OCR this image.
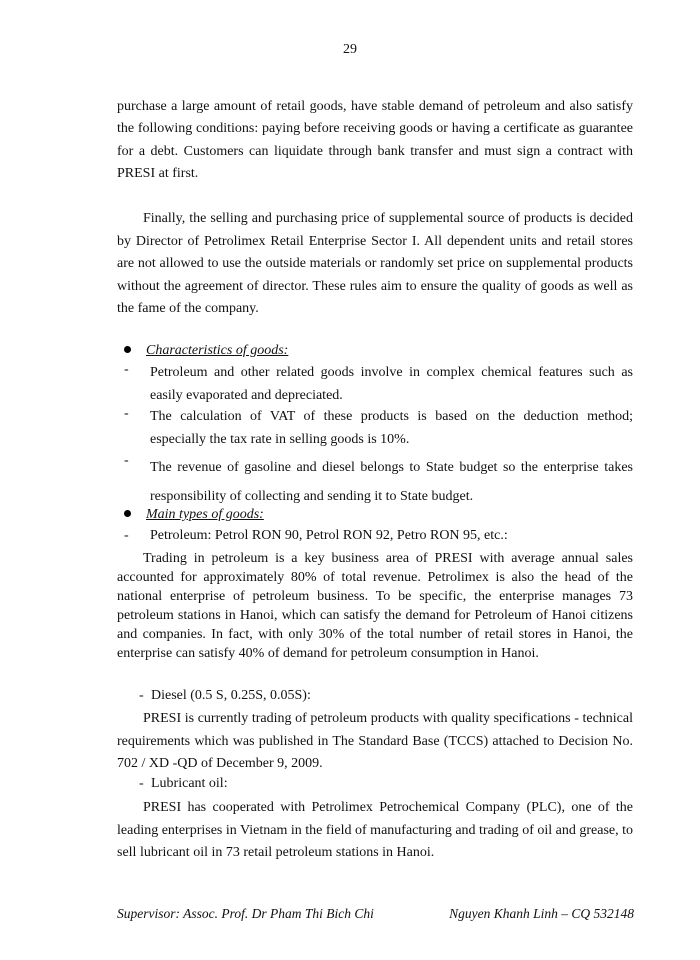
29

purchase a large amount of retail goods, have stable demand of petroleum and also satisfy the following conditions: paying before receiving goods or having a certificate as guarantee for a debt. Customers can liquidate through bank transfer and must sign a contract with PRESI at first.

Finally, the selling and purchasing price of supplemental source of products is decided by Director of Petrolimex Retail Enterprise Sector I. All dependent units and retail stores are not allowed to use the outside materials or randomly set price on supplemental products without the agreement of director. These rules aim to ensure the quality of goods as well as the fame of the company.

Characteristics of goods:
- Petroleum and other related goods involve in complex chemical features such as easily evaporated and depreciated.

- The calculation of VAT of these products is based on the deduction method; especially the tax rate in selling goods is 10%.

- The revenue of gasoline and diesel belongs to State budget so the enterprise takes responsibility of collecting and sending it to State budget.

Main types of goods:
- Petroleum: Petrol RON 90, Petrol RON 92, Petro RON 95, etc.:

Trading in petroleum is a key business area of PRESI with average annual sales accounted for approximately 80% of total revenue. Petrolimex is also the head of the national enterprise of petroleum business. To be specific, the enterprise manages 73 petroleum stations in Hanoi, which can satisfy the demand for Petroleum of Hanoi citizens and companies. In fact, with only 30% of the total number of retail stores in Hanoi, the enterprise can satisfy 40% of demand for petroleum consumption in Hanoi.

- Diesel (0.5 S, 0.25S, 0.05S):

PRESI is currently trading of petroleum products with quality specifications - technical requirements which was published in The Standard Base (TCCS) attached to Decision No. 702 / XD -QD of December 9, 2009.

- Lubricant oil:

PRESI has cooperated with Petrolimex Petrochemical Company (PLC), one of the leading enterprises in Vietnam in the field of manufacturing and trading of oil and grease, to sell lubricant oil in 73 retail petroleum stations in Hanoi.

Supervisor: Assoc. Prof. Dr Pham Thi Bich Chi	Nguyen Khanh Linh – CQ 532148
